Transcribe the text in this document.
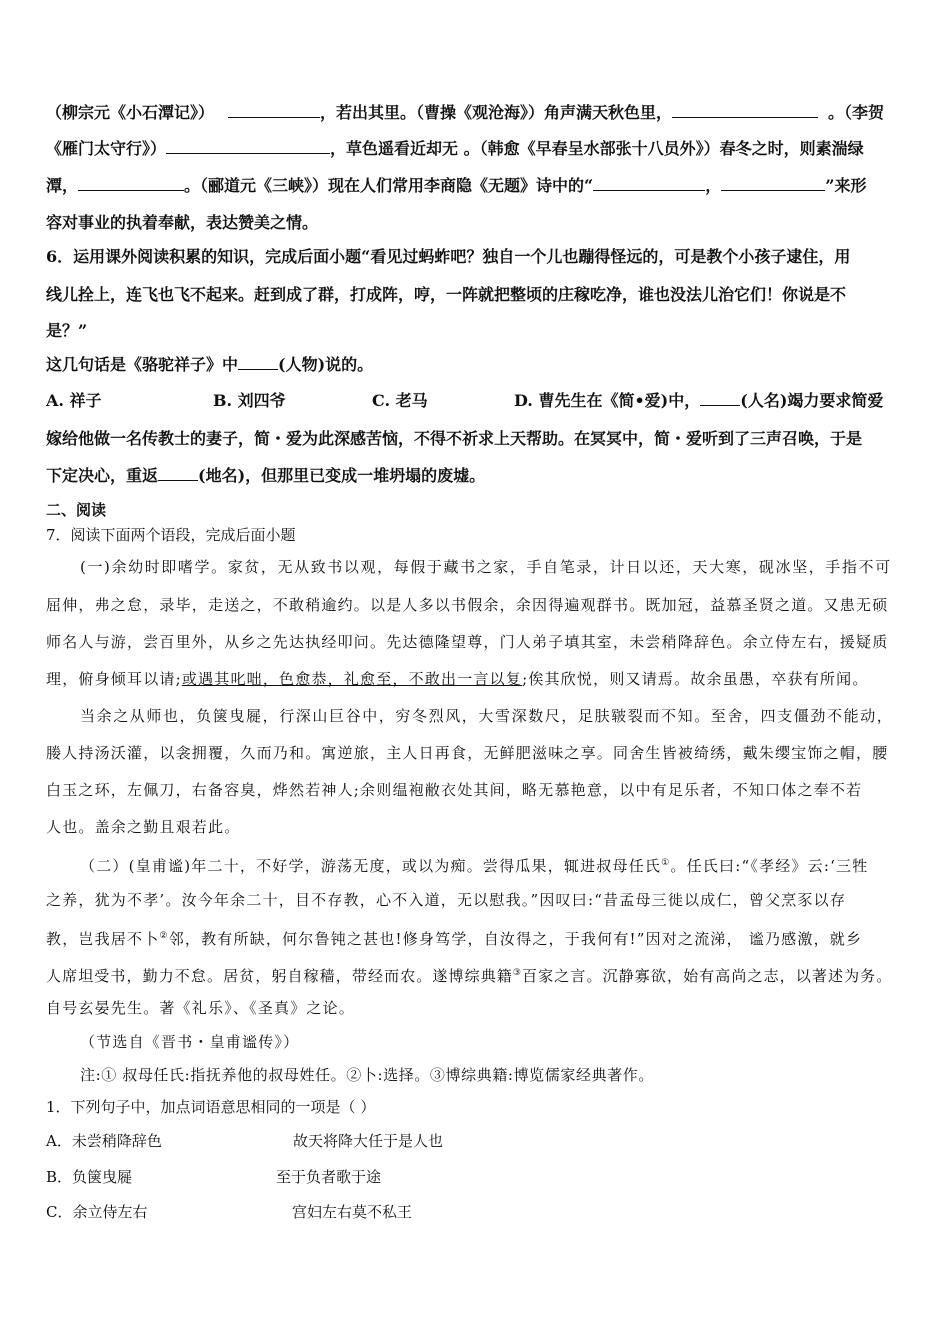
（柳宗元《小石潭记》）	，若出其里。（曹操《观沧海》）角声满天秋色里，	。（李贺
《雁门太守行》）	，草色遥看近却无 。（韩愈《早春呈水部张十八员外》）春冬之时，则素湍绿
潭，	。（郦道元《三峡》）现在人们常用李商隐《无题》诗中的“	，	”来形
容对事业的执着奉献，表达赞美之情。
6．运用课外阅读积累的知识，完成后面小题“看见过蚂蚱吧？独自一个儿也蹦得怪远的，可是教个小孩子逮住，用
线儿拴上，连飞也飞不起来。赶到成了群，打成阵，哼，一阵就把整顷的庄稼吃净，谁也没法儿治它们！你说是不
是？”
这几句话是《骆驼祥子》中	(人物)说的。
A. 祥子	B. 刘四爷	C. 老马	D. 曹先生在《简•爱)中，	(人名)竭力要求简爱
嫁给他做一名传教士的妻子，简・爱为此深感苦恼，不得不祈求上天帮助。在冥冥中，简・爱听到了三声召唤，于是
下定决心，重返	(地名)，但那里已变成一堆坍塌的废墟。
二、阅读
7．阅读下面两个语段，完成后面小题
(一)余幼时即嗜学。家贫，无从致书以观，每假于藏书之家，手自笔录，计日以还，天大寒，砚冰坚，手指不可
屈伸，弗之怠，录毕，走送之，不敢稍逾约。以是人多以书假余，余因得遍观群书。既加冠，益慕圣贤之道。又患无硕
师名人与游，尝百里外，从乡之先达执经叩问。先达德隆望尊，门人弟子填其室，未尝稍降辞色。余立侍左右，援疑质
理，俯身倾耳以请;或遇其叱咄，色愈恭，礼愈至，不敢出一言以复;俟其欣悦，则又请焉。故余虽愚，卒获有所闻。
当余之从师也，负箧曳屣，行深山巨谷中，穷冬烈风，大雪深数尺，足肤皲裂而不知。至舍，四支僵劲不能动，
媵人持汤沃灌，以衾拥覆，久而乃和。寓逆旅，主人日再食，无鲜肥滋味之享。同舍生皆被绮绣，戴朱缨宝饰之帽，腰
白玉之环，左佩刀，右备容臭，烨然若神人;余则缊袍敝衣处其间，略无慕艳意，以中有足乐者，不知口体之奉不若
人也。盖余之勤且艰若此。
（二）(皇甫谧)年二十，不好学，游荡无度，或以为痴。尝得瓜果，辄进叔母任氏①。任氏曰:“《孝经》云:‘三牲
之养，犹为不孝’。汝今年余二十，目不存教，心不入道，无以慰我。”因叹曰:“昔孟母三徙以成仁，曾父烹豕以存
教，岂我居不卜②邻，教有所缺，何尔鲁钝之甚也!修身笃学，自汝得之，于我何有!”因对之流涕， 谧乃感激，就乡
人席坦受书，勤力不怠。居贫，躬自稼穑，带经而农。遂博综典籍③百家之言。沉静寡欲，始有高尚之志，以著述为务。
自号玄晏先生。著《礼乐》、《圣真》之论。
（节选自《晋书・皇甫谧传》）
注:① 叔母任氏:指抚养他的叔母姓任。②卜:选择。③博综典籍:博览儒家经典著作。
1．下列句子中，加点词语意思相同的一项是（ ）
A．未尝稍降辞色	故天将降大任于是人也
B．负箧曳屣	至于负者歌于途
C．余立侍左右	宫妇左右莫不私王
